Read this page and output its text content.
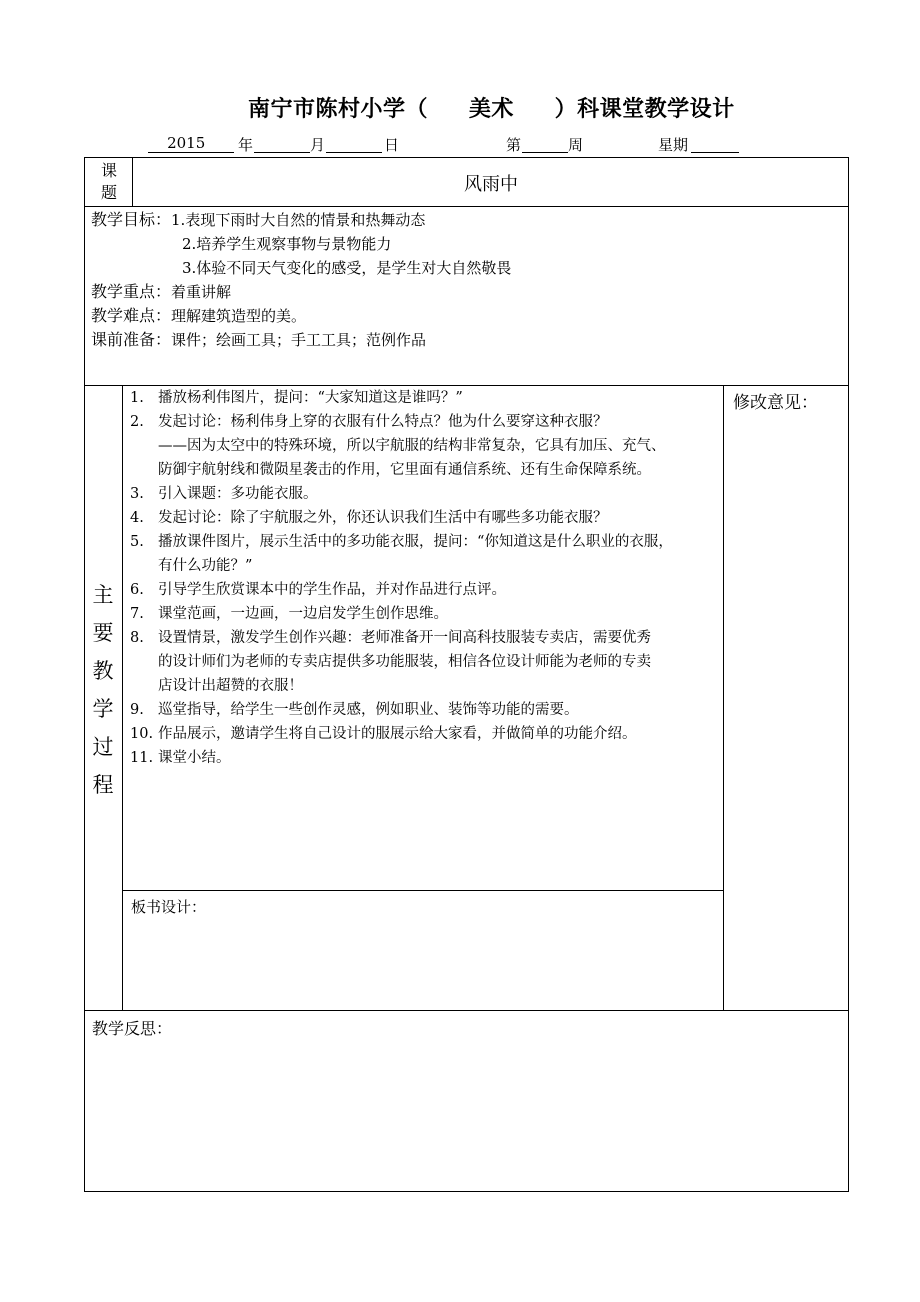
南宁市陈村小学（ 美术 ）科课堂教学设计
2015	年	月	日	第	周	星期
课
题	风雨中
教学目标：1.表现下雨时大自然的情景和热舞动态
2.培养学生观察事物与景物能力
3.体验不同天气变化的感受，是学生对大自然敬畏
教学重点：着重讲解
教学难点：理解建筑造型的美。
课前准备：课件；绘画工具；手工工具；范例作品
主
要
教
学
过
程
1. 播放杨利伟图片，提问：“大家知道这是谁吗？”
2. 发起讨论：杨利伟身上穿的衣服有什么特点？他为什么要穿这种衣服？
——因为太空中的特殊环境，所以宇航服的结构非常复杂，它具有加压、充气、
防御宇航射线和微陨星袭击的作用，它里面有通信系统、还有生命保障系统。
3. 引入课题：多功能衣服。
4. 发起讨论：除了宇航服之外，你还认识我们生活中有哪些多功能衣服？
5. 播放课件图片，展示生活中的多功能衣服，提问：“你知道这是什么职业的衣服，
有什么功能？”
6. 引导学生欣赏课本中的学生作品，并对作品进行点评。
7. 课堂范画，一边画，一边启发学生创作思维。
8. 设置情景，激发学生创作兴趣：老师准备开一间高科技服装专卖店，需要优秀
的设计师们为老师的专卖店提供多功能服装，相信各位设计师能为老师的专卖
店设计出超赞的衣服！
9. 巡堂指导，给学生一些创作灵感，例如职业、装饰等功能的需要。
10. 作品展示，邀请学生将自己设计的服展示给大家看，并做简单的功能介绍。
11. 课堂小结。
修改意见：
板书设计：
教学反思：
